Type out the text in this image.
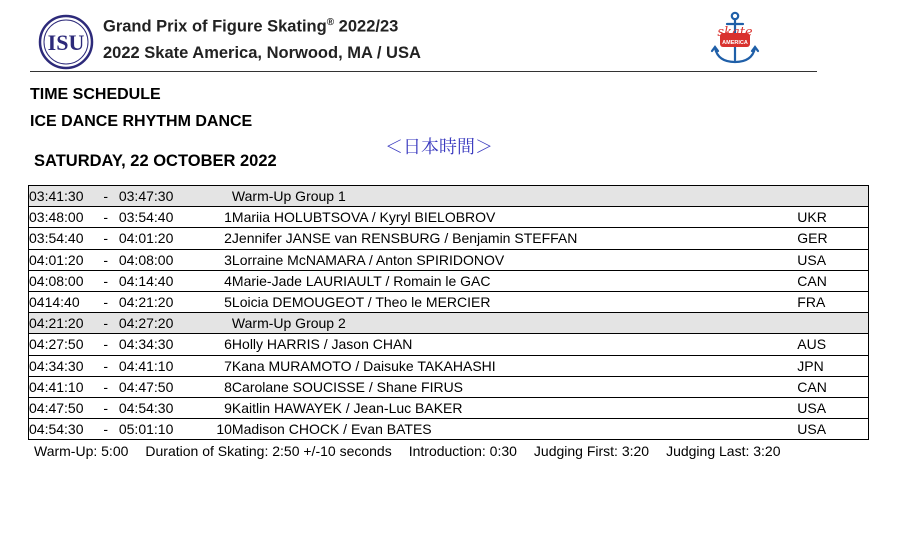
ISU
Grand Prix of Figure Skating® 2022/23
2022 Skate America, Norwood, MA / USA
skate
AMERICA
TIME SCHEDULE
ICE DANCE RHYTHM DANCE
＜日本時間＞
SATURDAY, 22 OCTOBER 2022
03:41:30	-	03:47:30		Warm-Up Group 1	
03:48:00	-	03:54:40	1	Mariia HOLUBTSOVA / Kyryl BIELOBROV	UKR
03:54:40	-	04:01:20	2	Jennifer JANSE van RENSBURG / Benjamin STEFFAN	GER
04:01:20	-	04:08:00	3	Lorraine McNAMARA / Anton SPIRIDONOV	USA
04:08:00	-	04:14:40	4	Marie-Jade LAURIAULT / Romain le GAC	CAN
0414:40	-	04:21:20	5	Loicia DEMOUGEOT / Theo le MERCIER	FRA
04:21:20	-	04:27:20		Warm-Up Group 2	
04:27:50	-	04:34:30	6	Holly HARRIS / Jason CHAN	AUS
04:34:30	-	04:41:10	7	Kana MURAMOTO / Daisuke TAKAHASHI	JPN
04:41:10	-	04:47:50	8	Carolane SOUCISSE / Shane FIRUS	CAN
04:47:50	-	04:54:30	9	Kaitlin HAWAYEK / Jean-Luc BAKER	USA
04:54:30	-	05:01:10	10	Madison CHOCK / Evan BATES	USA
Warm-Up: 5:00 Duration of Skating: 2:50 +/-10 seconds Introduction: 0:30 Judging First: 3:20 Judging Last: 3:20
